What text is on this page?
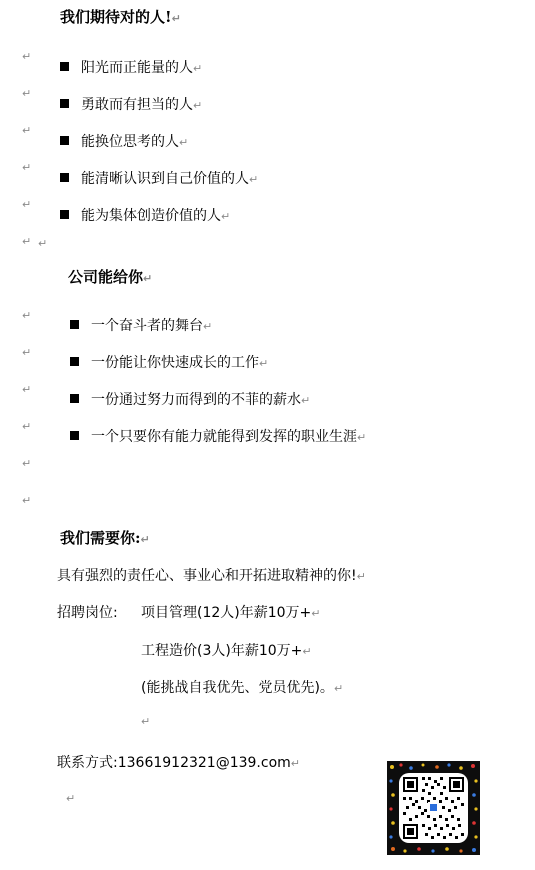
我们期待对的人!↵
↵
阳光而正能量的人↵
↵
勇敢而有担当的人↵
↵
能换位思考的人↵
↵
能清晰认识到自己价值的人↵
↵
能为集体创造价值的人↵
↵ ↵
公司能给你↵
↵
一个奋斗者的舞台↵
↵
一份能让你快速成长的工作↵
↵
一份通过努力而得到的不菲的薪水↵
↵
一个只要你有能力就能得到发挥的职业生涯↵
↵
↵
我们需要你:↵
具有强烈的责任心、事业心和开拓进取精神的你!↵
招聘岗位: 项目管理(12人)年薪10万+↵
工程造价(3人)年薪10万+↵
(能挑战自我优先、党员优先)。↵
↵
联系方式:13661912321@139.com↵
↵
